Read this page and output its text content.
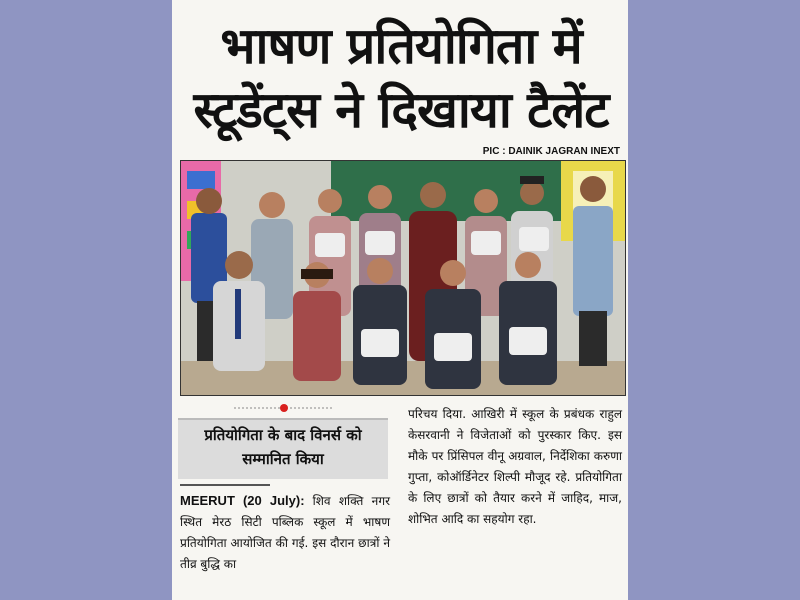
भाषण प्रतियोगिता में
स्टूडेंट्स ने दिखाया टैलेंट
PIC : DAINIK JAGRAN INEXT
प्रतियोगिता के बाद विनर्स को सम्मानित किया
MEERUT (20 July): शिव शक्ति नगर स्थित मेरठ सिटी पब्लिक स्कूल में भाषण प्रतियोगिता आयोजित की गई. इस दौरान छात्रों ने तीव्र बुद्धि का
परिचय दिया. आखिरी में स्कूल के प्रबंधक राहुल केसरवानी ने विजेताओं को पुरस्कार किए. इस मौके पर प्रिंसिपल वीनू अग्रवाल, निर्देशिका करुणा गुप्ता, कोऑर्डिनेटर शिल्पी मौजूद रहे. प्रतियोगिता के लिए छात्रों को तैयार करने में जाहिद, माज, शोभित आदि का सहयोग रहा.
